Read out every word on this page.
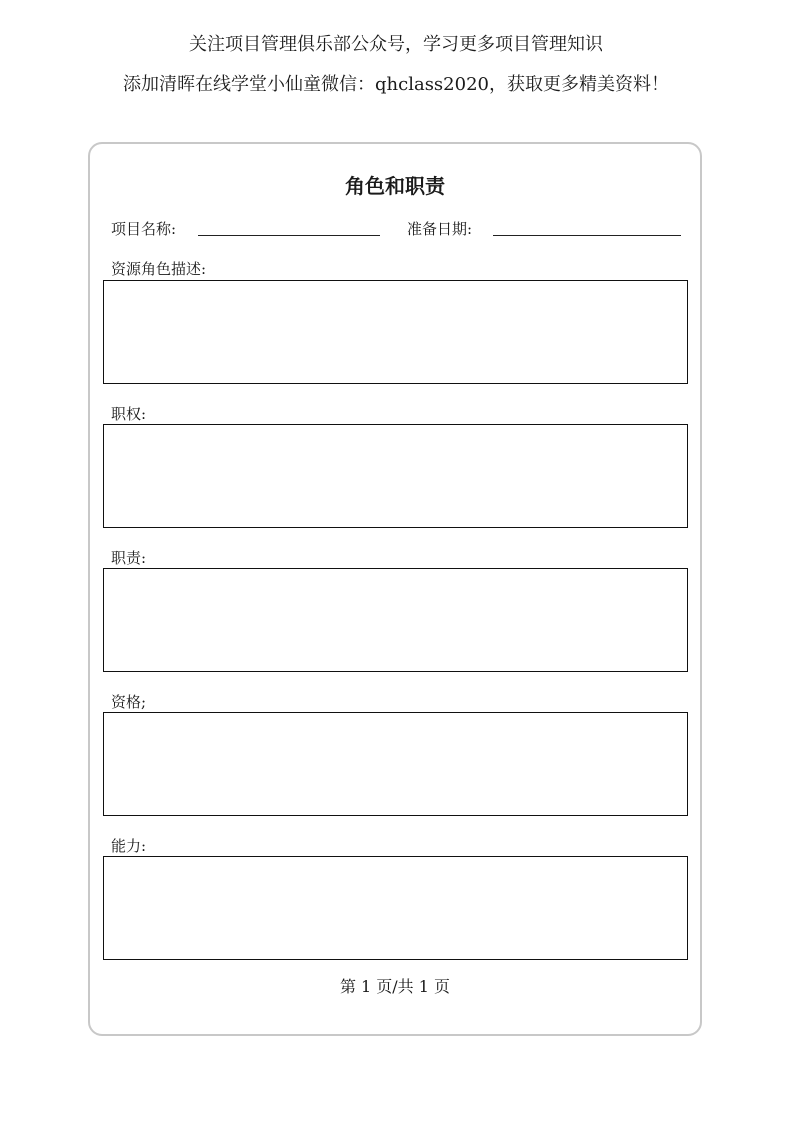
关注项目管理俱乐部公众号，学习更多项目管理知识
添加清晖在线学堂小仙童微信：qhclass2020，获取更多精美资料！
角色和职责
项目名称:	准备日期:
资源角色描述:
职权:
职责:
资格;
能力:
第 1 页/共 1 页
